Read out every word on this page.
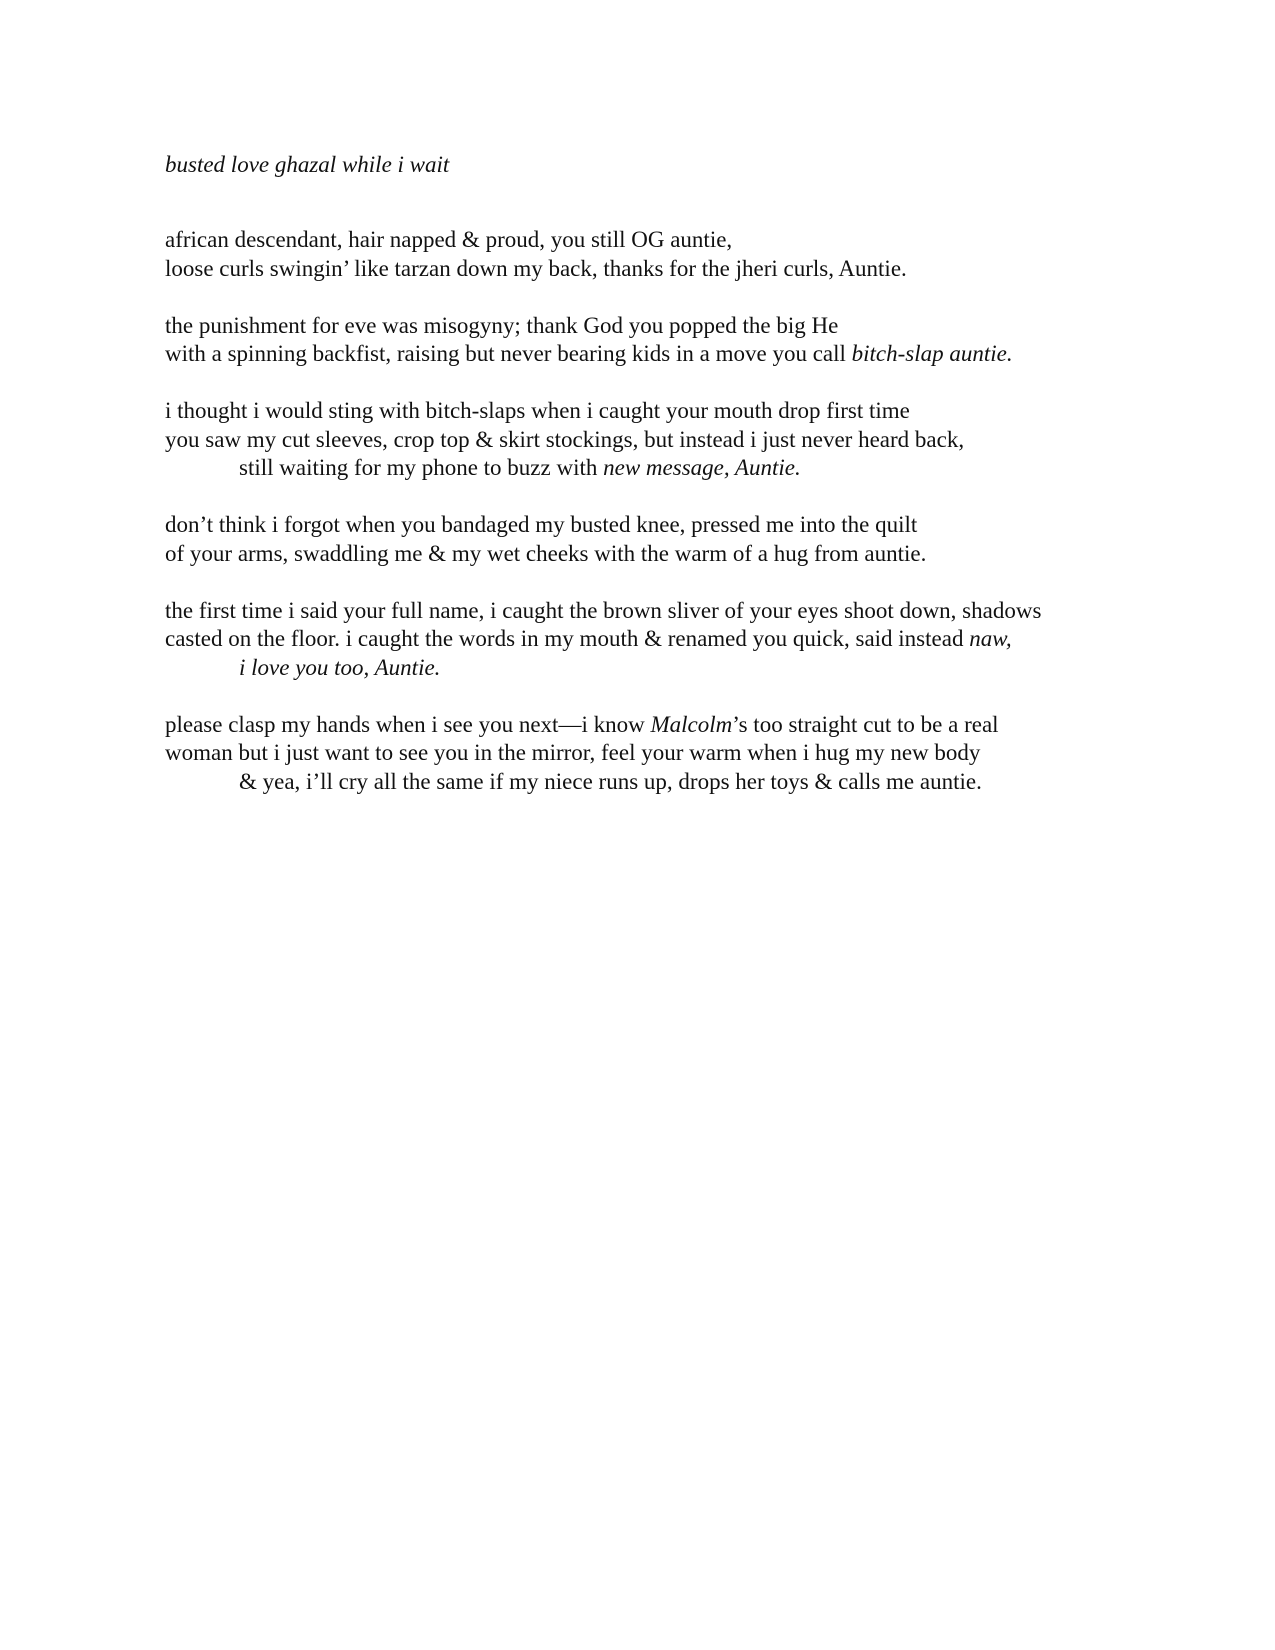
busted love ghazal while i wait
african descendant, hair napped & proud, you still OG auntie,
loose curls swingin’ like tarzan down my back, thanks for the jheri curls, Auntie.
the punishment for eve was misogyny; thank God you popped the big He
with a spinning backfist, raising but never bearing kids in a move you call bitch-slap auntie.
i thought i would sting with bitch-slaps when i caught your mouth drop first time
you saw my cut sleeves, crop top & skirt stockings, but instead i just never heard back,
still waiting for my phone to buzz with new message, Auntie.
don’t think i forgot when you bandaged my busted knee, pressed me into the quilt
of your arms, swaddling me & my wet cheeks with the warm of a hug from auntie.
the first time i said your full name, i caught the brown sliver of your eyes shoot down, shadows
casted on the floor. i caught the words in my mouth & renamed you quick, said instead naw,
i love you too, Auntie.
please clasp my hands when i see you next—i know Malcolm’s too straight cut to be a real
woman but i just want to see you in the mirror, feel your warm when i hug my new body
& yea, i’ll cry all the same if my niece runs up, drops her toys & calls me auntie.
